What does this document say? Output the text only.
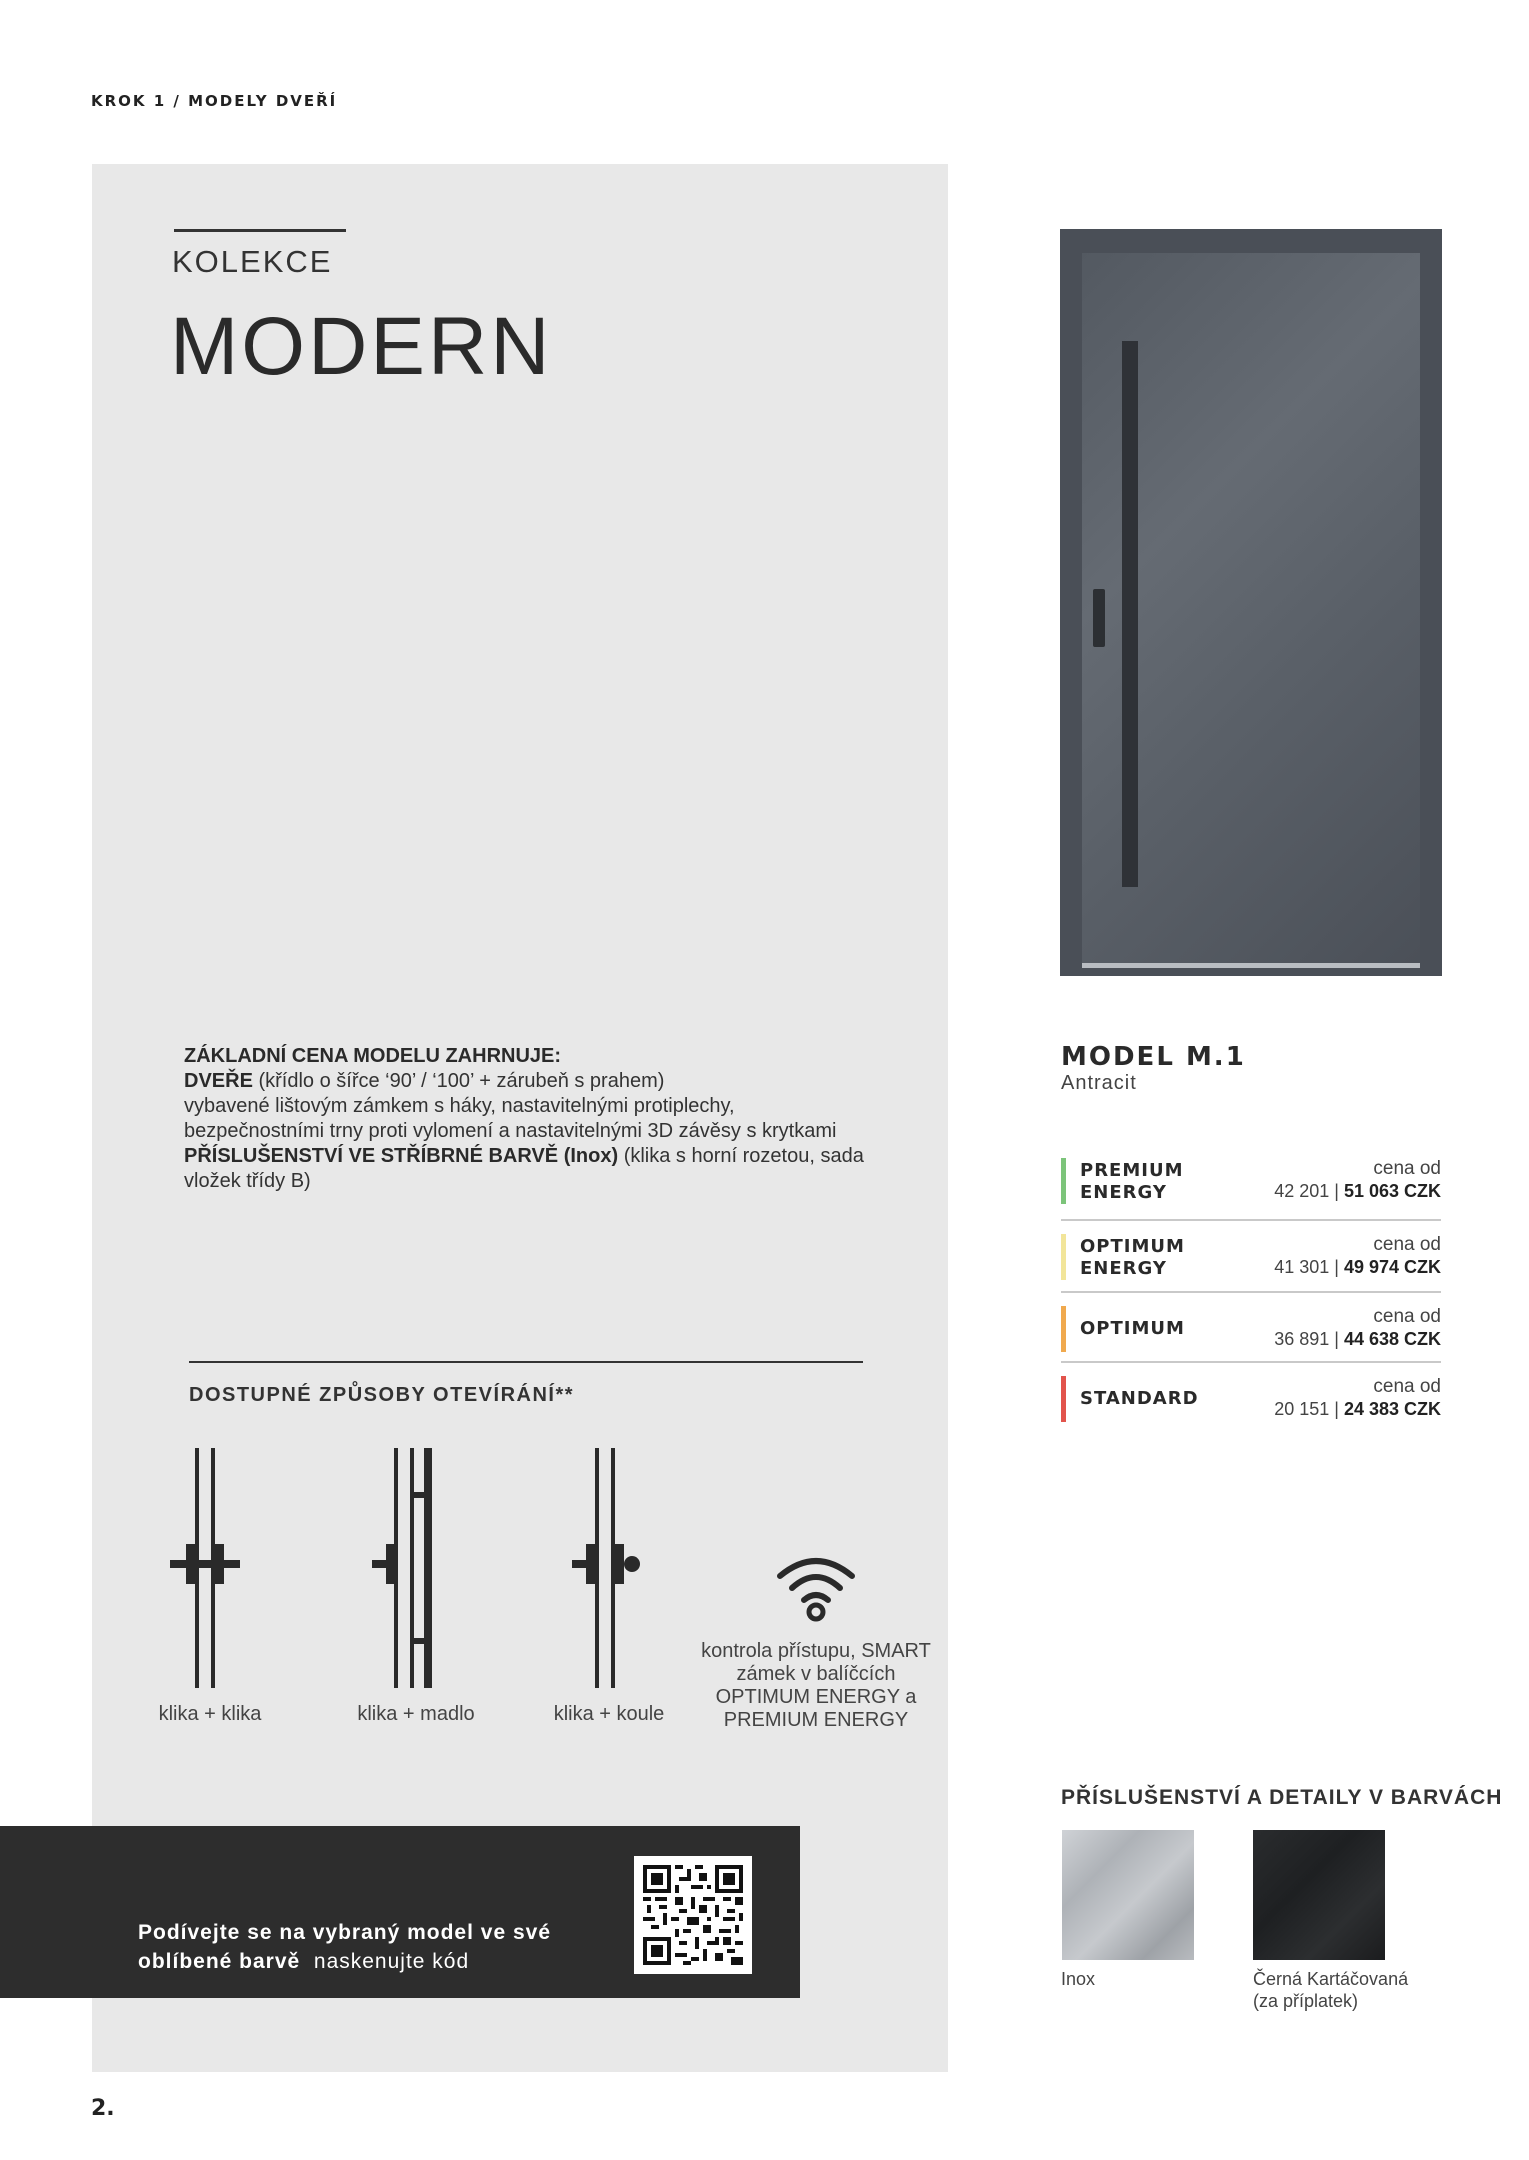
KROK 1 / MODELY DVEŘÍ
KOLEKCE
MODERN
ZÁKLADNÍ CENA MODELU ZAHRNUJE:
DVEŘE (křídlo o šířce ‘90’ / ‘100’ + zárubeň s prahem)
vybavené lištovým zámkem s háky, nastavitelnými protiplechy,
bezpečnostními trny proti vylomení a nastavitelnými 3D závěsy s krytkami
PŘÍSLUŠENSTVÍ VE STŘÍBRNÉ BARVĚ (Inox) (klika s horní rozetou, sada
vložek třídy B)
DOSTUPNÉ ZPŮSOBY OTEVÍRÁNÍ**
klika + klika	klika + madlo	klika + koule
kontrola přístupu, SMART zámek v balíčcích OPTIMUM ENERGY a PREMIUM ENERGY
Podívejte se na vybraný model ve své
oblíbené barvě naskenujte kód
2.
MODEL M.1
Antracit
PREMIUM
ENERGY
cena od
42 201 | 51 063 CZK
OPTIMUM
ENERGY
cena od
41 301 | 49 974 CZK
OPTIMUM
cena od
36 891 | 44 638 CZK
STANDARD
cena od
20 151 | 24 383 CZK
PŘÍSLUŠENSTVÍ A DETAILY V BARVÁCH
Inox	Černá Kartáčovaná
(za příplatek)
